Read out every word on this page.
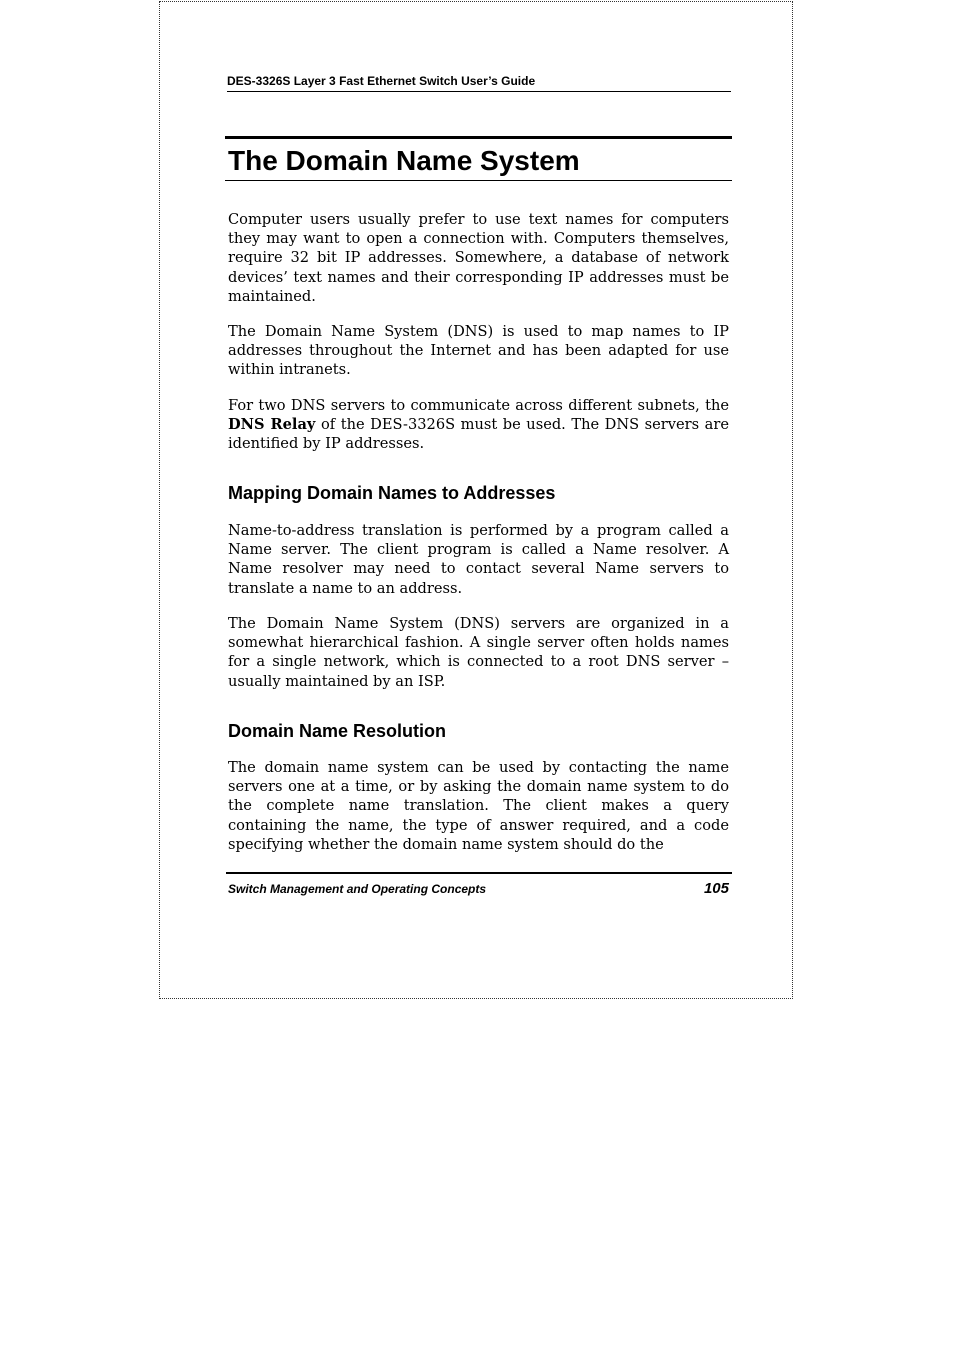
DES-3326S Layer 3 Fast Ethernet Switch User’s Guide
The Domain Name System

Computer users usually prefer to use text names for computers they may want to open a connection with. Computers themselves, require 32 bit IP addresses. Somewhere, a database of network devices’ text names and their corresponding IP addresses must be maintained.

The Domain Name System (DNS) is used to map names to IP addresses throughout the Internet and has been adapted for use within intranets.

For two DNS servers to communicate across different subnets, the DNS Relay of the DES-3326S must be used. The DNS servers are identified by IP addresses.

Mapping Domain Names to Addresses

Name-to-address translation is performed by a program called a Name server. The client program is called a Name resolver. A Name resolver may need to contact several Name servers to translate a name to an address.

The Domain Name System (DNS) servers are organized in a somewhat hierarchical fashion. A single server often holds names for a single network, which is connected to a root DNS server – usually maintained by an ISP.

Domain Name Resolution

The domain name system can be used by contacting the name servers one at a time, or by asking the domain name system to do the complete name translation. The client makes a query containing the name, the type of answer required, and a code specifying whether the domain name system should do the

Switch Management and Operating Concepts	105
